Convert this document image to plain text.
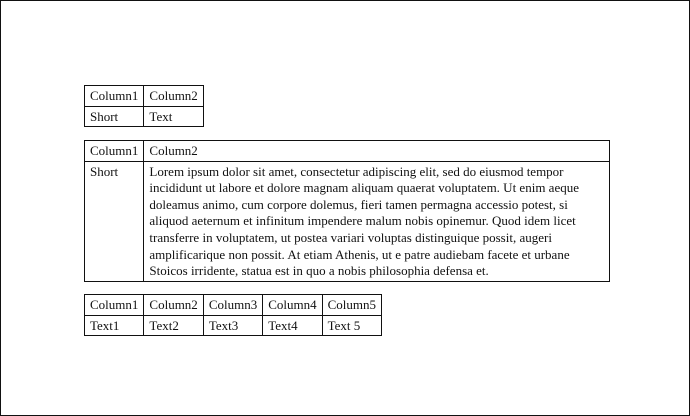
Column1	Column2
Short	Text
Column1	Column2
Short	Lorem ipsum dolor sit amet, consectetur adipiscing elit, sed do eiusmod tempor incididunt ut labore et dolore magnam aliquam quaerat voluptatem. Ut enim aeque doleamus animo, cum corpore dolemus, fieri tamen permagna accessio potest, si aliquod aeternum et infinitum impendere malum nobis opinemur. Quod idem licet transferre in voluptatem, ut postea variari voluptas distinguique possit, augeri amplificarique non possit. At etiam Athenis, ut e patre audiebam facete et urbane Stoicos irridente, statua est in quo a nobis philosophia defensa et.
Column1	Column2	Column3	Column4	Column5
Text1	Text2	Text3	Text4	Text 5
